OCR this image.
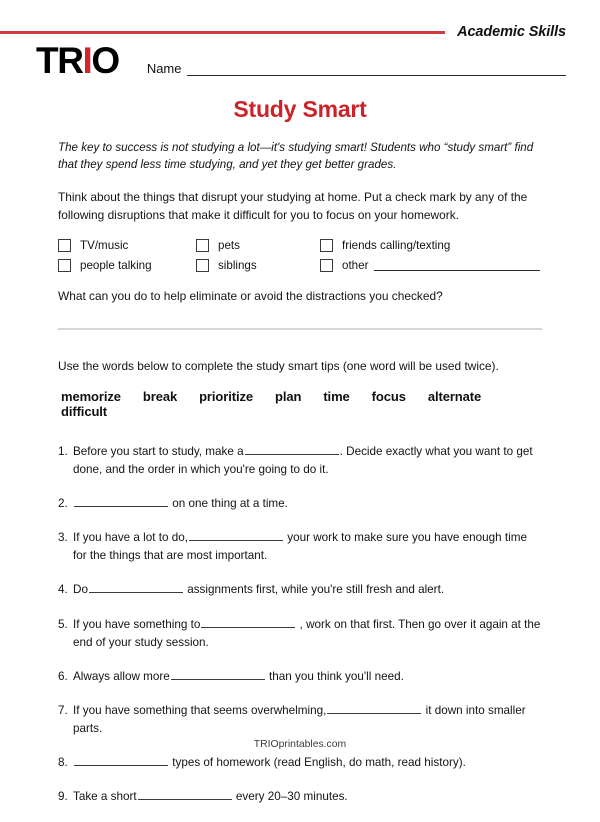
Academic Skills
TRIO Name
Study Smart

The key to success is not studying a lot—it's studying smart! Students who “study smart” find that they spend less time studying, and yet they get better grades.

Think about the things that disrupt your studying at home. Put a check mark by any of the following disruptions that make it difficult for you to focus on your homework.

TV/music	pets	friends calling/texting
people talking	siblings	other

What can you do to help eliminate or avoid the distractions you checked?

Use the words below to complete the study smart tips (one word will be used twice).

memorize break prioritize plan time focus alternate
difficult
1. Before you start to study, make a	. Decide exactly what you want to get done, and the order in which you're going to do it.
2.	on one thing at a time.
3. If you have a lot to do,	your work to make sure you have enough time for the things that are most important.
4. Do	assignments first, while you're still fresh and alert.
5. If you have something to	, work on that first. Then go over it again at the end of your study session.
6. Always allow more	than you think you'll need.
7. If you have something that seems overwhelming,	it down into smaller parts.
8.	types of homework (read English, do math, read history).
9. Take a short	every 20–30 minutes.
TRIOprintables.com
